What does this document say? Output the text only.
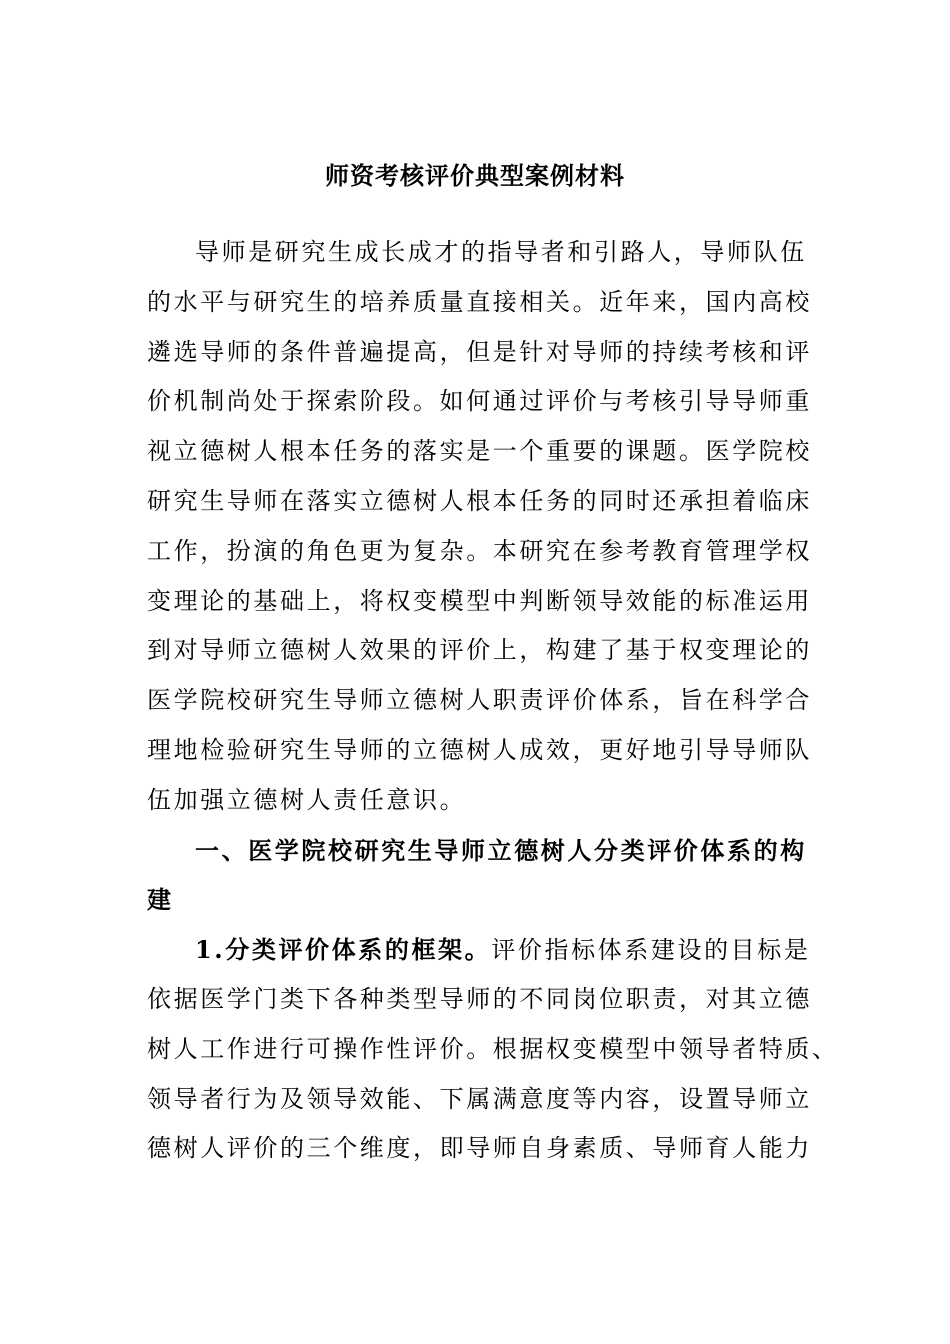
师资考核评价典型案例材料

导师是研究生成长成才的指导者和引路人，导师队伍
的水平与研究生的培养质量直接相关。近年来，国内高校
遴选导师的条件普遍提高，但是针对导师的持续考核和评
价机制尚处于探索阶段。如何通过评价与考核引导导师重
视立德树人根本任务的落实是一个重要的课题。医学院校
研究生导师在落实立德树人根本任务的同时还承担着临床
工作，扮演的角色更为复杂。本研究在参考教育管理学权
变理论的基础上，将权变模型中判断领导效能的标准运用
到对导师立德树人效果的评价上，构建了基于权变理论的
医学院校研究生导师立德树人职责评价体系，旨在科学合
理地检验研究生导师的立德树人成效，更好地引导导师队
伍加强立德树人责任意识。

一、医学院校研究生导师立德树人分类评价体系的构
建

1.分类评价体系的框架。评价指标体系建设的目标是
依据医学门类下各种类型导师的不同岗位职责，对其立德
树人工作进行可操作性评价。根据权变模型中领导者特质、
领导者行为及领导效能、下属满意度等内容，设置导师立
德树人评价的三个维度，即导师自身素质、导师育人能力
